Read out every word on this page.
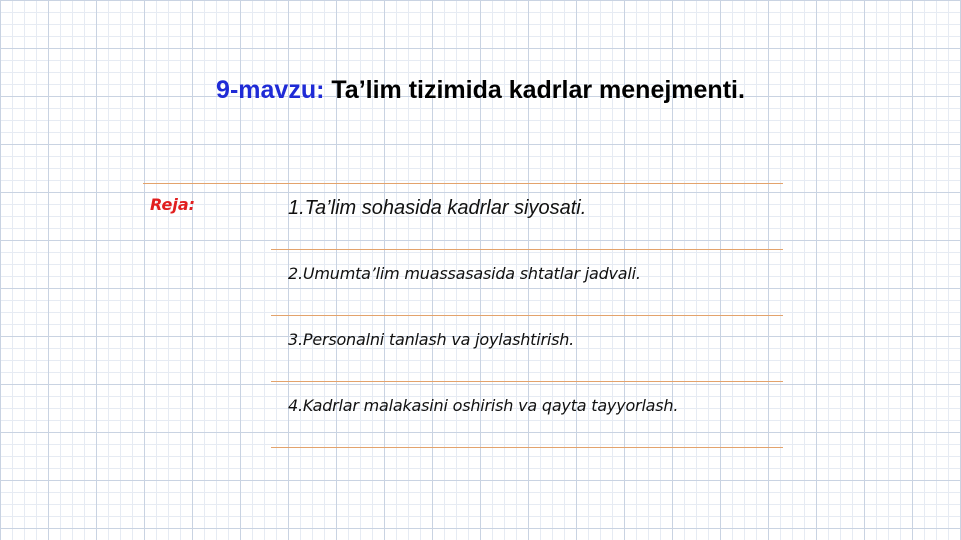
9-mavzu: Ta’lim tizimida kadrlar menejmenti.
Reja:	1.Ta’lim sohasida kadrlar siyosati.
2.Umumta’lim muassasasida shtatlar jadvali.
3.Personalni tanlash va joylashtirish.
4.Kadrlar malakasini oshirish va qayta tayyorlash.
